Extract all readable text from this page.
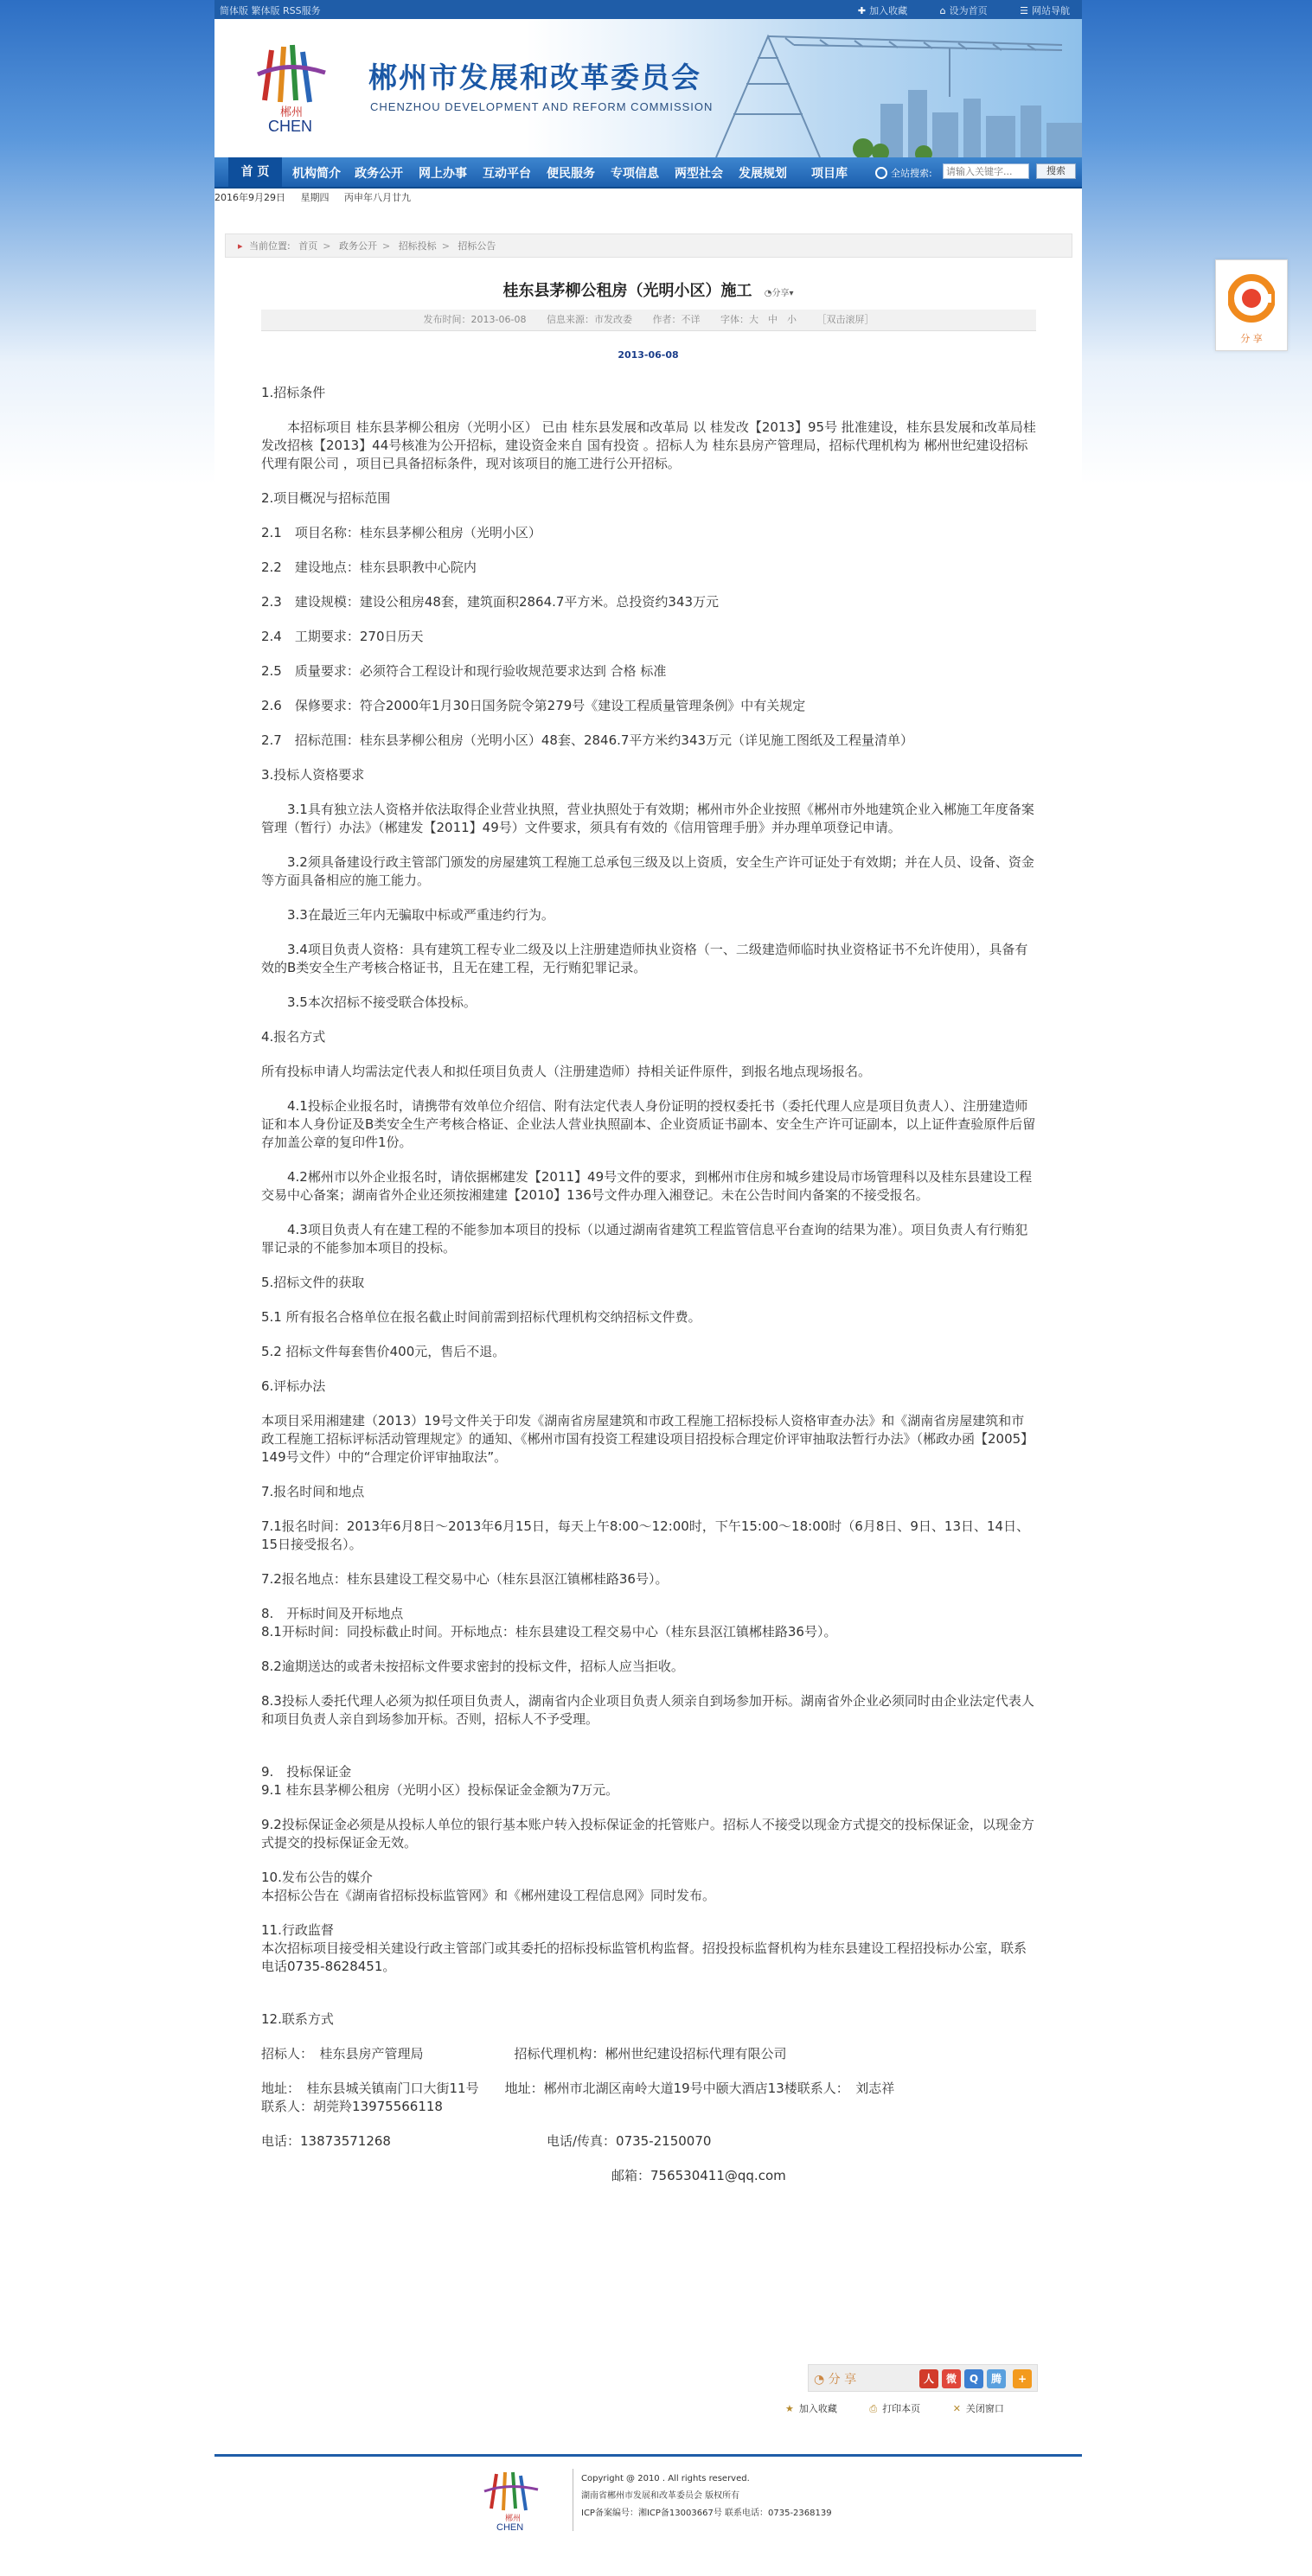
简体版 繁体版 RSS服务	✚ 加入收藏	⌂ 设为首页	☰ 网站导航
郴州
CHEN
郴州市发展和改革委员会
CHENZHOU DEVELOPMENT AND REFORM COMMISSION
首 页	机构简介 政务公开 网上办事 互动平台 便民服务 专项信息 两型社会 发展规划 项目库	全站搜索:
请输入关键字...	搜索
2016年9月29日 星期四 丙申年八月廿九
▸ 当前位置: 首页 > 政务公开 > 招标投标 > 招标公告
桂东县茅柳公租房（光明小区）施工 ◔分享▾
发布时间：2013-06-08 信息来源：市发改委 作者：不详 字体：大　中　小 ［双击滚屏］
2013-06-08

1.招标条件

本招标项目 桂东县茅柳公租房（光明小区） 已由 桂东县发展和改革局 以 桂发改【2013】95号 批准建设，桂东县发展和改革局桂发改招核【2013】44号核准为公开招标，建设资金来自 国有投资 。招标人为 桂东县房产管理局，招标代理机构为 郴州世纪建设招标代理有限公司 ，项目已具备招标条件，现对该项目的施工进行公开招标。

2.项目概况与招标范围

2.1　项目名称：桂东县茅柳公租房（光明小区）

2.2　建设地点：桂东县职教中心院内

2.3　建设规模：建设公租房48套，建筑面积2864.7平方米。总投资约343万元

2.4　工期要求：270日历天

2.5　质量要求：必须符合工程设计和现行验收规范要求达到 合格 标准

2.6　保修要求：符合2000年1月30日国务院令第279号《建设工程质量管理条例》中有关规定

2.7　招标范围：桂东县茅柳公租房（光明小区）48套、2846.7平方米约343万元（详见施工图纸及工程量清单）

3.投标人资格要求

3.1具有独立法人资格并依法取得企业营业执照，营业执照处于有效期；郴州市外企业按照《郴州市外地建筑企业入郴施工年度备案管理（暂行）办法》（郴建发【2011】49号）文件要求，须具有有效的《信用管理手册》并办理单项登记申请。

3.2须具备建设行政主管部门颁发的房屋建筑工程施工总承包三级及以上资质，安全生产许可证处于有效期；并在人员、设备、资金等方面具备相应的施工能力。

3.3在最近三年内无骗取中标或严重违约行为。

3.4项目负责人资格：具有建筑工程专业二级及以上注册建造师执业资格（一、二级建造师临时执业资格证书不允许使用），具备有效的B类安全生产考核合格证书，且无在建工程，无行贿犯罪记录。

3.5本次招标不接受联合体投标。

4.报名方式

所有投标申请人均需法定代表人和拟任项目负责人（注册建造师）持相关证件原件，到报名地点现场报名。

4.1投标企业报名时，请携带有效单位介绍信、附有法定代表人身份证明的授权委托书（委托代理人应是项目负责人）、注册建造师证和本人身份证及B类安全生产考核合格证、企业法人营业执照副本、企业资质证书副本、安全生产许可证副本，以上证件查验原件后留存加盖公章的复印件1份。

4.2郴州市以外企业报名时，请依据郴建发【2011】49号文件的要求，到郴州市住房和城乡建设局市场管理科以及桂东县建设工程交易中心备案；湖南省外企业还须按湘建建【2010】136号文件办理入湘登记。未在公告时间内备案的不接受报名。

4.3项目负责人有在建工程的不能参加本项目的投标（以通过湖南省建筑工程监管信息平台查询的结果为准）。项目负责人有行贿犯罪记录的不能参加本项目的投标。

5.招标文件的获取

5.1 所有报名合格单位在报名截止时间前需到招标代理机构交纳招标文件费。

5.2 招标文件每套售价400元，售后不退。

6.评标办法

本项目采用湘建建（2013）19号文件关于印发《湖南省房屋建筑和市政工程施工招标投标人资格审查办法》和《湖南省房屋建筑和市政工程施工招标评标活动管理规定》的通知、《郴州市国有投资工程建设项目招投标合理定价评审抽取法暂行办法》（郴政办函【2005】149号文件）中的“合理定价评审抽取法”。

7.报名时间和地点

7.1报名时间：2013年6月8日～2013年6月15日，每天上午8:00～12:00时，下午15:00～18:00时（6月8日、9日、13日、14日、15日接受报名）。

7.2报名地点：桂东县建设工程交易中心（桂东县沤江镇郴桂路36号）。

8.　开标时间及开标地点

8.1开标时间：同投标截止时间。开标地点：桂东县建设工程交易中心（桂东县沤江镇郴桂路36号）。

8.2逾期送达的或者未按招标文件要求密封的投标文件，招标人应当拒收。

8.3投标人委托代理人必须为拟任项目负责人，湖南省内企业项目负责人须亲自到场参加开标。湖南省外企业必须同时由企业法定代表人和项目负责人亲自到场参加开标。否则，招标人不予受理。

9.　投标保证金

9.1 桂东县茅柳公租房（光明小区）投标保证金金额为7万元。

9.2投标保证金必须是从投标人单位的银行基本账户转入投标保证金的托管账户。招标人不接受以现金方式提交的投标保证金，以现金方式提交的投标保证金无效。

10.发布公告的媒介

本招标公告在《湖南省招标投标监管网》和《郴州建设工程信息网》同时发布。

11.行政监督

本次招标项目接受相关建设行政主管部门或其委托的招标投标监管机构监督。招投投标监督机构为桂东县建设工程招投标办公室，联系电话0735-8628451。

12.联系方式

招标人：　桂东县房产管理局　　　　　　　招标代理机构：郴州世纪建设招标代理有限公司

地址：　桂东县城关镇南门口大街11号　　地址：郴州市北湖区南岭大道19号中颐大酒店13楼联系人：　刘志祥　　　　　　　　　　　　　　　联系人：胡莞羚13975566118

电话：13873571268　　　　　　　　　　　　电话/传真：0735-2150070

邮箱：756530411@qq.com

◔ 分 享	人	微	Q	腾	+
★ 加入收藏	⎙ 打印本页	✕ 关闭窗口
郴州
CHEN
Copyright @ 2010 . All rights reserved.
湖南省郴州市发展和改革委员会 版权所有
ICP备案编号：湘ICP备13003667号 联系电话：0735-2368139
分 享
